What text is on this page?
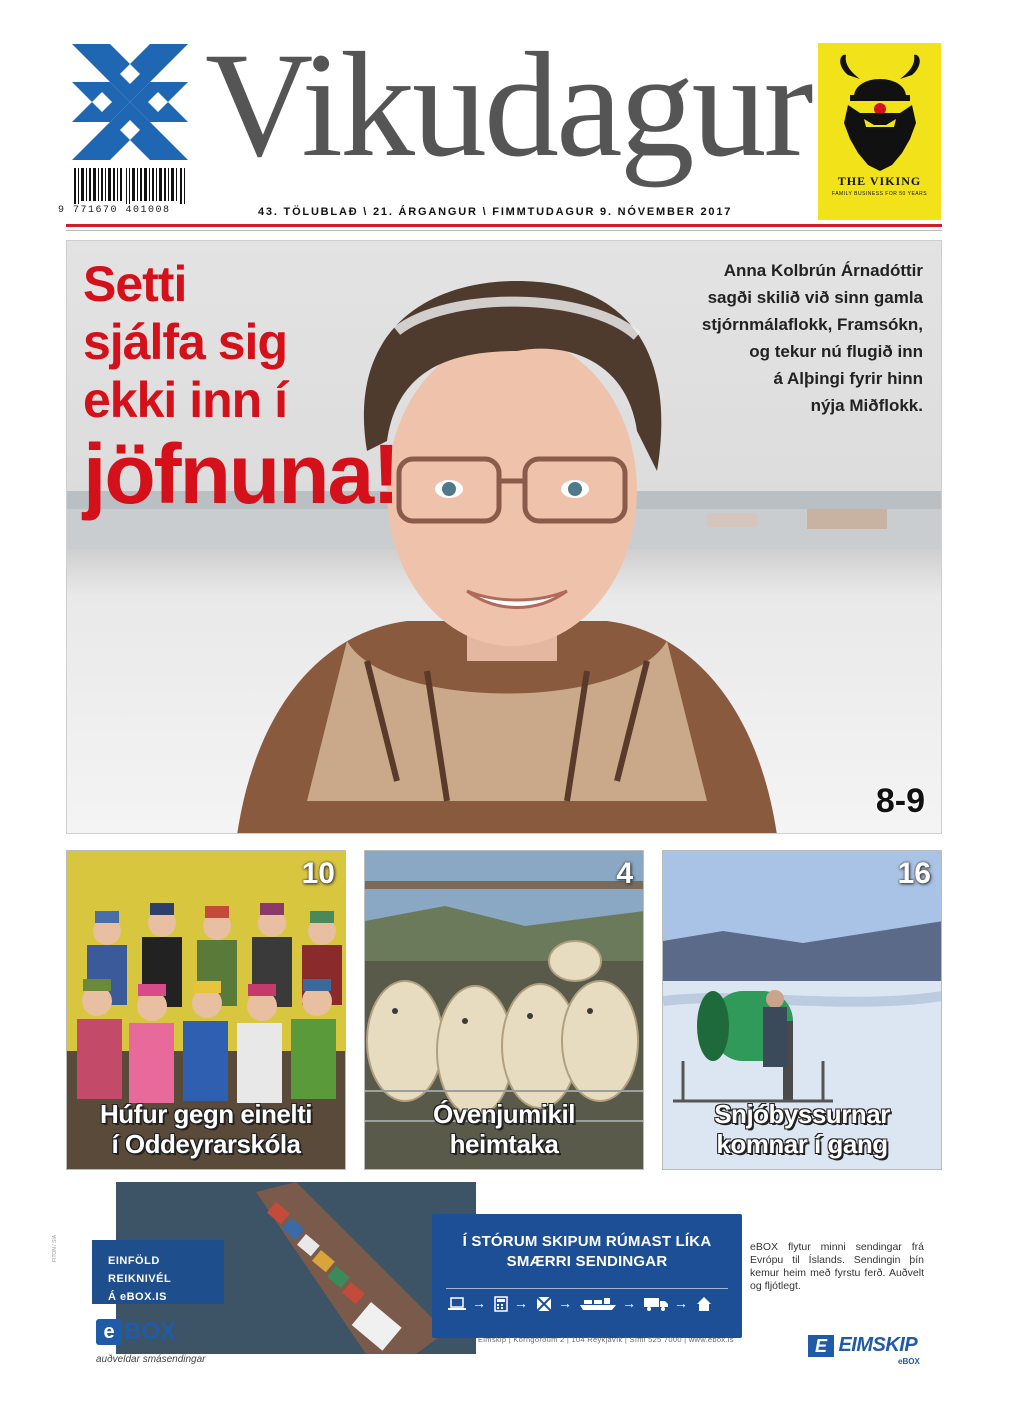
Vikudagur
9 771670 401008	43. TÖLUBLAÐ \ 21. ÁRGANGUR \ FIMMTUDAGUR 9. NÓVEMBER 2017
THE VIKING
FAMILY BUSINESS FOR 50 YEARS
Setti
sjálfa sig
ekki inn í
jöfnuna!
Anna Kolbrún Árnadóttir
sagði skilið við sinn gamla
stjórnmálaflokk, Framsókn,
og tekur nú flugið inn
á Alþingi fyrir hinn
nýja Miðflokk.
8-9
10
Húfur gegn einelti
í Oddeyrarskóla
4
Óvenjumikil
heimtaka
16
Snjóbyssurnar
komnar í gang
FITON / SÍA	EINFÖLD REIKNIVÉL
Á eBOX.IS
e BOX
auðveldar smásendingar
Í STÓRUM SKIPUM RÚMAST LÍKA
SMÆRRI SENDINGAR
→ → →	→	→
eBOX flytur minni sendingar frá Evrópu til Íslands. Sendingin þín kemur heim með fyrstu ferð. Auðvelt og fljótlegt.
E EIMSKIP
eBOX
Eimskip | Korngörðum 2 | 104 Reykjavík | Sími 525 7000 | www.ebox.is
